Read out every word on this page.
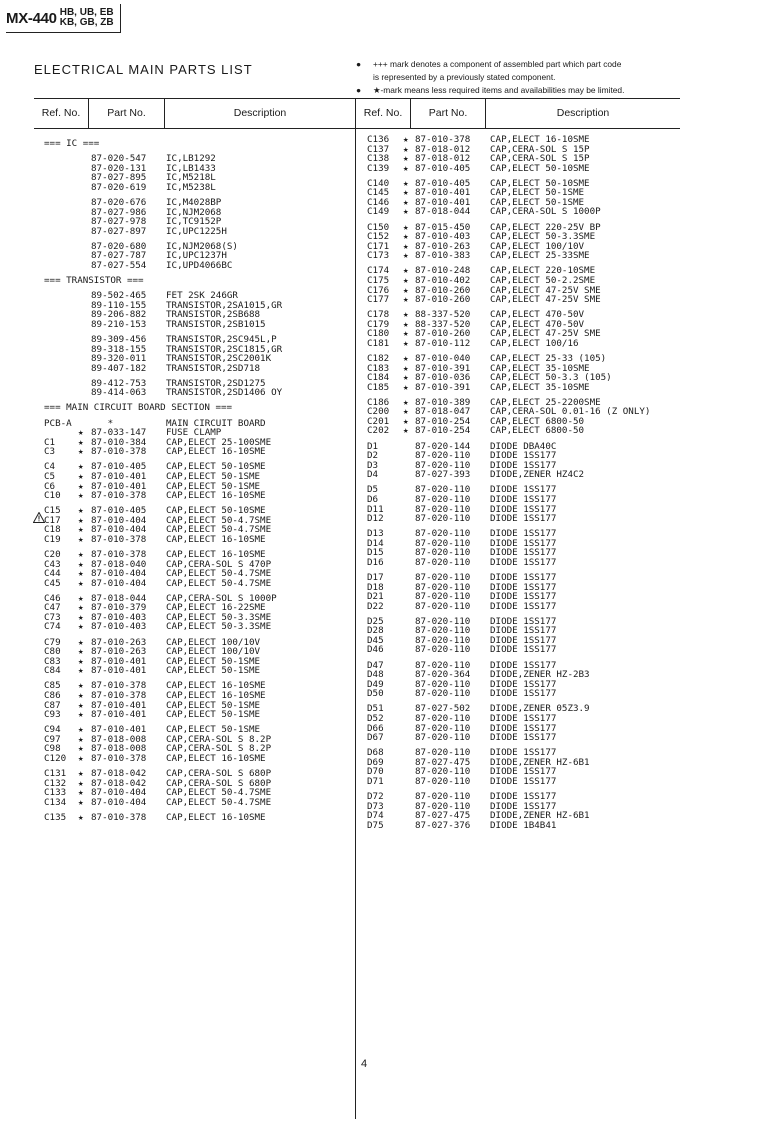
MX-440 HB, UB, EB
KB, GB, ZB
ELECTRICAL MAIN PARTS LIST	● +++ mark denotes a component of assembled part which part code
is represented by a previously stated component.
● ★-mark means less required items and availabilities may be limited.
Ref. No.	Part No.	Description	Ref. No.	Part No.	Description
=== IC ===
87-020-547 IC,LB1292
87-020-131 IC,LB1433
87-027-895 IC,M5218L
87-020-619 IC,M5238L
87-020-676 IC,M4028BP
87-027-986 IC,NJM2068
87-027-978 IC,TC9152P
87-027-897 IC,UPC1225H
87-020-680 IC,NJM2068(S)
87-027-787 IC,UPC1237H
87-027-554 IC,UPD4066BC
=== TRANSISTOR ===
89-502-465 FET 2SK 246GR
89-110-155 TRANSISTOR,2SA1015,GR
89-206-882 TRANSISTOR,2SB688
89-210-153 TRANSISTOR,2SB1015
89-309-456 TRANSISTOR,2SC945L,P
89-318-155 TRANSISTOR,2SC1815,GR
89-320-011 TRANSISTOR,2SC2001K
89-407-182 TRANSISTOR,2SD718
89-412-753 TRANSISTOR,2SD1275
89-414-063 TRANSISTOR,2SD1406 OY
=== MAIN CIRCUIT BOARD SECTION ===
PCB-A *	MAIN CIRCUIT BOARD
★ 87-033-147 FUSE CLAMP
C1 ★ 87-010-384 CAP,ELECT 25-100SME
C3 ★ 87-010-378 CAP,ELECT 16-10SME
C4 ★ 87-010-405 CAP,ELECT 50-10SME
C5 ★ 87-010-401 CAP,ELECT 50-1SME
C6 ★ 87-010-401 CAP,ELECT 50-1SME
C10 ★ 87-010-378 CAP,ELECT 16-10SME
C15 ★ 87-010-405 CAP,ELECT 50-10SME
C17 ★ 87-010-404 CAP,ELECT 50-4.7SME
C18 ★ 87-010-404 CAP,ELECT 50-4.7SME
C19 ★ 87-010-378 CAP,ELECT 16-10SME
C20 ★ 87-010-378 CAP,ELECT 16-10SME
C43 ★ 87-018-040 CAP,CERA-SOL S 470P
C44 ★ 87-010-404 CAP,ELECT 50-4.7SME
C45 ★ 87-010-404 CAP,ELECT 50-4.7SME
C46 ★ 87-018-044 CAP,CERA-SOL S 1000P
C47 ★ 87-010-379 CAP,ELECT 16-22SME
C73 ★ 87-010-403 CAP,ELECT 50-3.3SME
C74 ★ 87-010-403 CAP,ELECT 50-3.3SME
C79 ★ 87-010-263 CAP,ELECT 100/10V
C80 ★ 87-010-263 CAP,ELECT 100/10V
C83 ★ 87-010-401 CAP,ELECT 50-1SME
C84 ★ 87-010-401 CAP,ELECT 50-1SME
C85 ★ 87-010-378 CAP,ELECT 16-10SME
C86 ★ 87-010-378 CAP,ELECT 16-10SME
C87 ★ 87-010-401 CAP,ELECT 50-1SME
C93 ★ 87-010-401 CAP,ELECT 50-1SME
C94 ★ 87-010-401 CAP,ELECT 50-1SME
C97 ★ 87-018-008 CAP,CERA-SOL S 8.2P
C98 ★ 87-018-008 CAP,CERA-SOL S 8.2P
C120 ★ 87-010-378 CAP,ELECT 16-10SME
C131 ★ 87-018-042 CAP,CERA-SOL S 680P
C132 ★ 87-018-042 CAP,CERA-SOL S 680P
C133 ★ 87-010-404 CAP,ELECT 50-4.7SME
C134 ★ 87-010-404 CAP,ELECT 50-4.7SME
C135 ★ 87-010-378 CAP,ELECT 16-10SME
C136 ★ 87-010-378 CAP,ELECT 16-10SME
C137 ★ 87-018-012 CAP,CERA-SOL S 15P
C138 ★ 87-018-012 CAP,CERA-SOL S 15P
C139 ★ 87-010-405 CAP,ELECT 50-10SME
C140 ★ 87-010-405 CAP,ELECT 50-10SME
C145 ★ 87-010-401 CAP,ELECT 50-1SME
C146 ★ 87-010-401 CAP,ELECT 50-1SME
C149 ★ 87-018-044 CAP,CERA-SOL S 1000P
C150 ★ 87-015-450 CAP,ELECT 220-25V BP
C152 ★ 87-010-403 CAP,ELECT 50-3.3SME
C171 ★ 87-010-263 CAP,ELECT 100/10V
C173 ★ 87-010-383 CAP,ELECT 25-33SME
C174 ★ 87-010-248 CAP,ELECT 220-10SME
C175 ★ 87-010-402 CAP,ELECT 50-2.2SME
C176 ★ 87-010-260 CAP,ELECT 47-25V SME
C177 ★ 87-010-260 CAP,ELECT 47-25V SME
C178 ★ 88-337-520 CAP,ELECT 470-50V
C179 ★ 88-337-520 CAP,ELECT 470-50V
C180 ★ 87-010-260 CAP,ELECT 47-25V SME
C181 ★ 87-010-112 CAP,ELECT 100/16
C182 ★ 87-010-040 CAP,ELECT 25-33 (105)
C183 ★ 87-010-391 CAP,ELECT 35-10SME
C184 ★ 87-010-036 CAP,ELECT 50-3.3 (105)
C185 ★ 87-010-391 CAP,ELECT 35-10SME
C186 ★ 87-010-389 CAP,ELECT 25-2200SME
C200 ★ 87-018-047 CAP,CERA-SOL 0.01-16 (Z ONLY)
C201 ★ 87-010-254 CAP,ELECT 6800-50
C202 ★ 87-010-254 CAP,ELECT 6800-50
D1	87-020-144 DIODE DBA40C
D2	87-020-110 DIODE 1SS177
D3	87-020-110 DIODE 1SS177
D4	87-027-393 DIODE,ZENER HZ4C2
D5	87-020-110 DIODE 1SS177
D6	87-020-110 DIODE 1SS177
D11	87-020-110 DIODE 1SS177
D12	87-020-110 DIODE 1SS177
D13	87-020-110 DIODE 1SS177
D14	87-020-110 DIODE 1SS177
D15	87-020-110 DIODE 1SS177
D16	87-020-110 DIODE 1SS177
D17	87-020-110 DIODE 1SS177
D18	87-020-110 DIODE 1SS177
D21	87-020-110 DIODE 1SS177
D22	87-020-110 DIODE 1SS177
D25	87-020-110 DIODE 1SS177
D28	87-020-110 DIODE 1SS177
D45	87-020-110 DIODE 1SS177
D46	87-020-110 DIODE 1SS177
D47	87-020-110 DIODE 1SS177
D48	87-020-364 DIODE,ZENER HZ-2B3
D49	87-020-110 DIODE 1SS177
D50	87-020-110 DIODE 1SS177
D51	87-027-502 DIODE,ZENER 05Z3.9
D52	87-020-110 DIODE 1SS177
D66	87-020-110 DIODE 1SS177
D67	87-020-110 DIODE 1SS177
D68	87-020-110 DIODE 1SS177
D69	87-027-475 DIODE,ZENER HZ-6B1
D70	87-020-110 DIODE 1SS177
D71	87-020-110 DIODE 1SS177
D72	87-020-110 DIODE 1SS177
D73	87-020-110 DIODE 1SS177
D74	87-027-475 DIODE,ZENER HZ-6B1
D75	87-027-376 DIODE 1B4B41
4
